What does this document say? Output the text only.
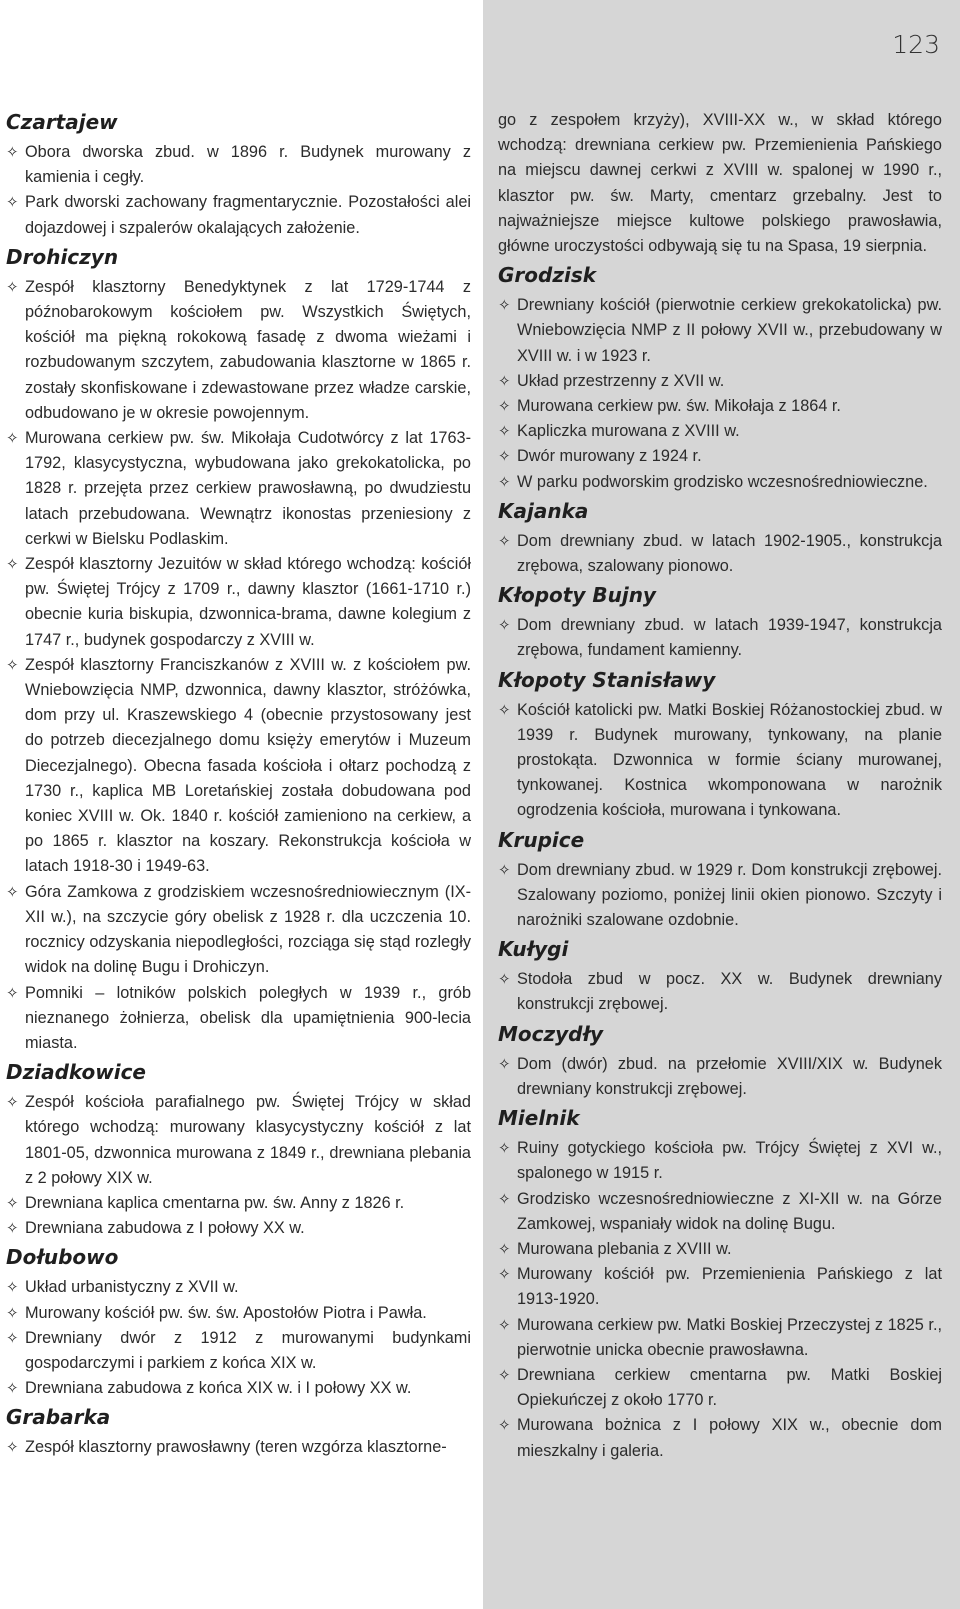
Czartajew

✧ Obora dworska zbud. w 1896 r. Budynek murowany z kamienia i cegły.

✧ Park dworski zachowany fragmentarycznie. Pozostałości alei dojazdowej i szpalerów okalających założenie.

Drohiczyn

✧ Zespół klasztorny Benedyktynek z lat 1729-1744 z późnobarokowym kościołem pw. Wszystkich Świętych, kościół ma piękną rokokową fasadę z dwoma wieżami i rozbudowanym szczytem, zabudowania klasztorne w 1865 r. zostały skonfiskowane i zdewastowane przez władze carskie, odbudowano je w okresie powojennym.

✧ Murowana cerkiew pw. św. Mikołaja Cudotwórcy z lat 1763-1792, klasycystyczna, wybudowana jako grekokatolicka, po 1828 r. przejęta przez cerkiew prawosławną, po dwudziestu latach przebudowana. Wewnątrz ikonostas przeniesiony z cerkwi w Bielsku Podlaskim.

✧ Zespół klasztorny Jezuitów w skład którego wchodzą: kościół pw. Świętej Trójcy z 1709 r., dawny klasztor (1661-1710 r.) obecnie kuria biskupia, dzwonnica-brama, dawne kolegium z 1747 r., budynek gospodarczy z XVIII w.

✧ Zespół klasztorny Franciszkanów z XVIII w. z kościołem pw. Wniebowzięcia NMP, dzwonnica, dawny klasztor, stróżówka, dom przy ul. Kraszewskiego 4 (obecnie przystosowany jest do potrzeb diecezjalnego domu księży emerytów i Muzeum Diecezjalnego). Obecna fasada kościoła i ołtarz pochodzą z 1730 r., kaplica MB Loretańskiej została dobudowana pod koniec XVIII w. Ok. 1840 r. kościół zamieniono na cerkiew, a po 1865 r. klasztor na koszary. Rekonstrukcja kościoła w latach 1918-30 i 1949-63.

✧ Góra Zamkowa z grodziskiem wczesnośredniowiecznym (IX-XII w.), na szczycie góry obelisk z 1928 r. dla uczczenia 10. rocznicy odzyskania niepodległości, rozciąga się stąd rozległy widok na dolinę Bugu i Drohiczyn.

✧ Pomniki – lotników polskich poległych w 1939 r., grób nieznanego żołnierza, obelisk dla upamiętnienia 900-lecia miasta.

Dziadkowice

✧ Zespół kościoła parafialnego pw. Świętej Trójcy w skład którego wchodzą: murowany klasycystyczny kościół z lat 1801-05, dzwonnica murowana z 1849 r., drewniana plebania z 2 połowy XIX w.

✧ Drewniana kaplica cmentarna pw. św. Anny z 1826 r.

✧ Drewniana zabudowa z I połowy XX w.

Dołubowo

✧ Układ urbanistyczny z XVII w.

✧ Murowany kościół pw. św. św. Apostołów Piotra i Pawła.

✧ Drewniany dwór z 1912 z murowanymi budynkami gospodarczymi i parkiem z końca XIX w.

✧ Drewniana zabudowa z końca XIX w. i I połowy XX w.

Grabarka

✧ Zespół klasztorny prawosławny (teren wzgórza klasztorne-

123

go z zespołem krzyży), XVIII-XX w., w skład którego wchodzą: drewniana cerkiew pw. Przemienienia Pańskiego na miejscu dawnej cerkwi z XVIII w. spalonej w 1990 r., klasztor pw. św. Marty, cmentarz grzebalny. Jest to najważniejsze miejsce kultowe polskiego prawosławia, główne uroczystości odbywają się tu na Spasa, 19 sierpnia.

Grodzisk

✧ Drewniany kościół (pierwotnie cerkiew grekokatolicka) pw. Wniebowzięcia NMP z II połowy XVII w., przebudowany w XVIII w. i w 1923 r.

✧ Układ przestrzenny z XVII w.

✧ Murowana cerkiew pw. św. Mikołaja z 1864 r.

✧ Kapliczka murowana z XVIII w.

✧ Dwór murowany z 1924 r.

✧ W parku podworskim grodzisko wczesnośredniowieczne.

Kajanka

✧ Dom drewniany zbud. w latach 1902-1905., konstrukcja zrębowa, szalowany pionowo.

Kłopoty Bujny

✧ Dom drewniany zbud. w latach 1939-1947, konstrukcja zrębowa, fundament kamienny.

Kłopoty Stanisławy

✧ Kościół katolicki pw. Matki Boskiej Różanostockiej zbud. w 1939 r. Budynek murowany, tynkowany, na planie prostokąta. Dzwonnica w formie ściany murowanej, tynkowanej. Kostnica wkomponowana w narożnik ogrodzenia kościoła, murowana i tynkowana.

Krupice

✧ Dom drewniany zbud. w 1929 r. Dom konstrukcji zrębowej. Szalowany poziomo, poniżej linii okien pionowo. Szczyty i narożniki szalowane ozdobnie.

Kułygi

✧ Stodoła zbud w pocz. XX w. Budynek drewniany konstrukcji zrębowej.

Moczydły

✧ Dom (dwór) zbud. na przełomie XVIII/XIX w. Budynek drewniany konstrukcji zrębowej.

Mielnik

✧ Ruiny gotyckiego kościoła pw. Trójcy Świętej z XVI w., spalonego w 1915 r.

✧ Grodzisko wczesnośredniowieczne z XI-XII w. na Górze Zamkowej, wspaniały widok na dolinę Bugu.

✧ Murowana plebania z XVIII w.

✧ Murowany kościół pw. Przemienienia Pańskiego z lat 1913-1920.

✧ Murowana cerkiew pw. Matki Boskiej Przeczystej z 1825 r., pierwotnie unicka obecnie prawosławna.

✧ Drewniana cerkiew cmentarna pw. Matki Boskiej Opiekuńczej z około 1770 r.

✧ Murowana bożnica z I połowy XIX w., obecnie dom mieszkalny i galeria.
